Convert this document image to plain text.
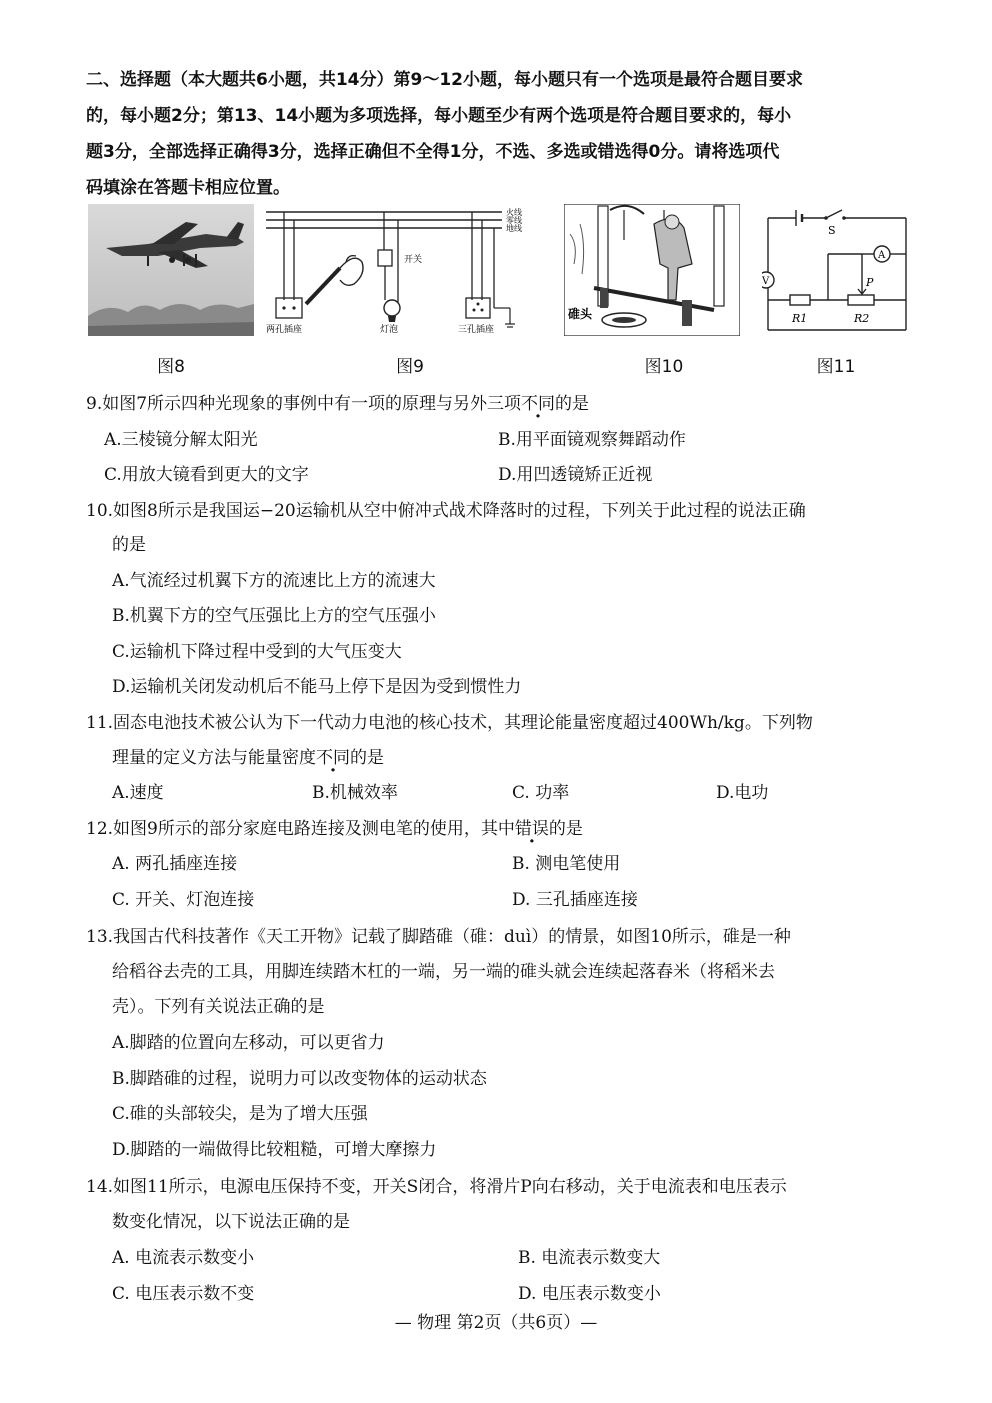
二、选择题（本大题共6小题，共14分）第9～12小题，每小题只有一个选项是最符合题目要求

的，每小题2分；第13、14小题为多项选择，每小题至少有两个选项是符合题目要求的，每小

题3分，全部选择正确得3分，选择正确但不全得1分，不选、多选或错选得0分。请将选项代

码填涂在答题卡相应位置。

图8
火线
零线
地线
两孔插座
开关
灯泡	三孔插座
图9
碓头
图10
S
A
V	P
R1	R2
图11
9.如图7所示四种光现象的事例中有一项的原理与另外三项不同的是
A.三棱镜分解太阳光	B.用平面镜观察舞蹈动作
C.用放大镜看到更大的文字	D.用凹透镜矫正近视
10.如图8所示是我国运−20运输机从空中俯冲式战术降落时的过程，下列关于此过程的说法正确
的是
A.气流经过机翼下方的流速比上方的流速大
B.机翼下方的空气压强比上方的空气压强小
C.运输机下降过程中受到的大气压变大
D.运输机关闭发动机后不能马上停下是因为受到惯性力
11.固态电池技术被公认为下一代动力电池的核心技术，其理论能量密度超过400Wh/kg。下列物
理量的定义方法与能量密度不同的是
A.速度	B.机械效率	C. 功率	D.电功
12.如图9所示的部分家庭电路连接及测电笔的使用，其中错误的是
A. 两孔插座连接	B. 测电笔使用
C. 开关、灯泡连接	D. 三孔插座连接
13.我国古代科技著作《天工开物》记载了脚踏碓（碓：duì）的情景，如图10所示，碓是一种
给稻谷去壳的工具，用脚连续踏木杠的一端，另一端的碓头就会连续起落舂米（将稻米去
壳）。下列有关说法正确的是
A.脚踏的位置向左移动，可以更省力
B.脚踏碓的过程，说明力可以改变物体的运动状态
C.碓的头部较尖，是为了增大压强
D.脚踏的一端做得比较粗糙，可增大摩擦力
14.如图11所示，电源电压保持不变，开关S闭合，将滑片P向右移动，关于电流表和电压表示
数变化情况，以下说法正确的是
A. 电流表示数变小	B. 电流表示数变大
C. 电压表示数不变	D. 电压表示数变小
— 物理 第2页（共6页）—
